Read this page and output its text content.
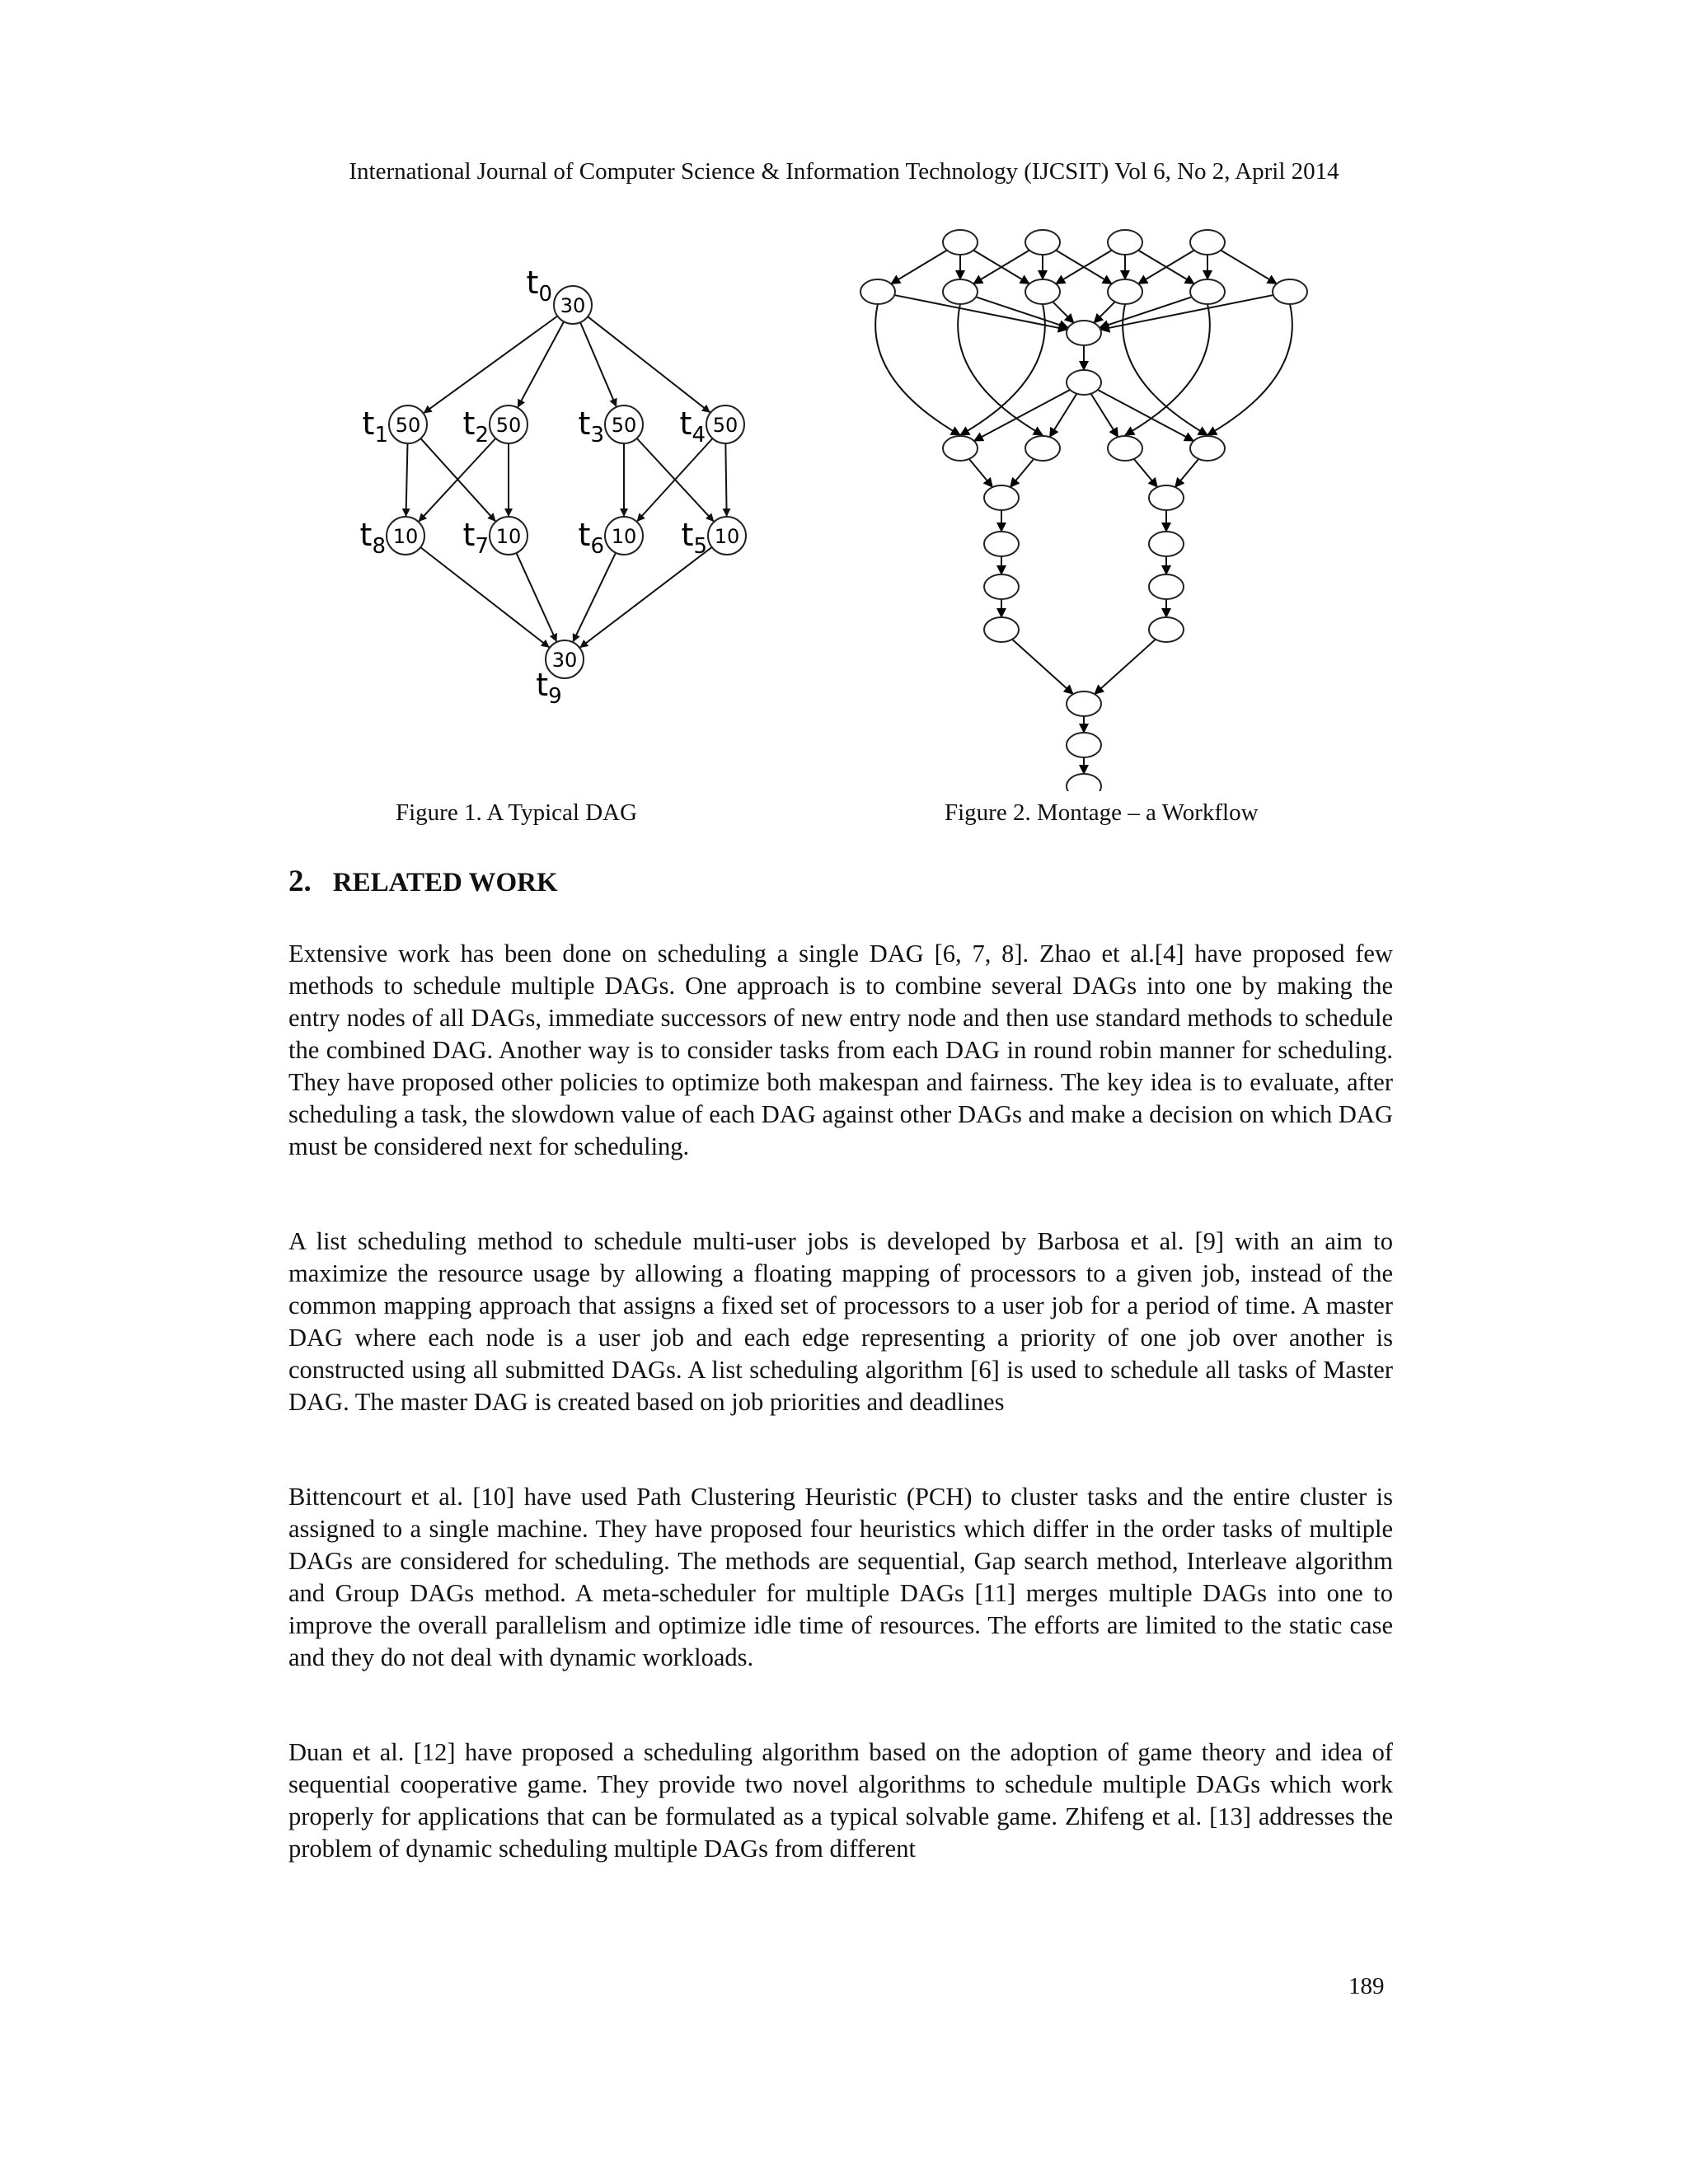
International Journal of Computer Science & Information Technology (IJCSIT) Vol 6, No 2, April 2014
30
$t_0$
50
$t_1$	50
$t_2$	50
$t_3$	50
$t_4$
10
$t_8$	10
$t_7$	10
$t_6$	10
$t_5$
30
$t_9$
Figure 1. A Typical DAG	Figure 2. Montage – a Workflow
2. RELATED WORK

Extensive work has been done on scheduling a single DAG [6, 7, 8]. Zhao et al.[4] have proposed few methods to schedule multiple DAGs. One approach is to combine several DAGs into one by making the entry nodes of all DAGs, immediate successors of new entry node and then use standard methods to schedule the combined DAG. Another way is to consider tasks from each DAG in round robin manner for scheduling. They have proposed other policies to optimize both makespan and fairness. The key idea is to evaluate, after scheduling a task, the slowdown value of each DAG against other DAGs and make a decision on which DAG must be considered next for scheduling.

A list scheduling method to schedule multi-user jobs is developed by Barbosa et al. [9] with an aim to maximize the resource usage by allowing a floating mapping of processors to a given job, instead of the common mapping approach that assigns a fixed set of processors to a user job for a period of time. A master DAG where each node is a user job and each edge representing a priority of one job over another is constructed using all submitted DAGs. A list scheduling algorithm [6] is used to schedule all tasks of Master DAG. The master DAG is created based on job priorities and deadlines

Bittencourt et al. [10] have used Path Clustering Heuristic (PCH) to cluster tasks and the entire cluster is assigned to a single machine. They have proposed four heuristics which differ in the order tasks of multiple DAGs are considered for scheduling. The methods are sequential, Gap search method, Interleave algorithm and Group DAGs method. A meta-scheduler for multiple DAGs [11] merges multiple DAGs into one to improve the overall parallelism and optimize idle time of resources. The efforts are limited to the static case and they do not deal with dynamic workloads.

Duan et al. [12] have proposed a scheduling algorithm based on the adoption of game theory and idea of sequential cooperative game. They provide two novel algorithms to schedule multiple DAGs which work properly for applications that can be formulated as a typical solvable game. Zhifeng et al. [13] addresses the problem of dynamic scheduling multiple DAGs from different

189
